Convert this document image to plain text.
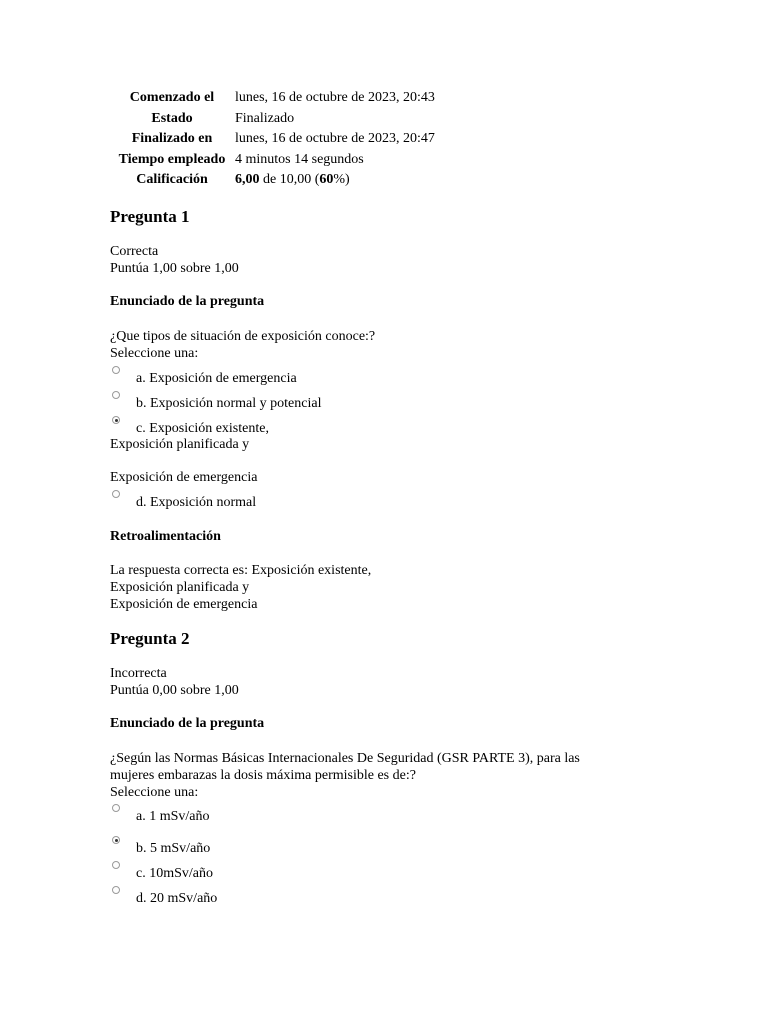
Comenzado el	lunes, 16 de octubre de 2023, 20:43
Estado	Finalizado
Finalizado en	lunes, 16 de octubre de 2023, 20:47
Tiempo empleado	4 minutos 14 segundos
Calificación	6,00 de 10,00 (60%)
Pregunta 1
Correcta
Puntúa 1,00 sobre 1,00
Enunciado de la pregunta
¿Que tipos de situación de exposición conoce:?
Seleccione una:
a. Exposición de emergencia
b. Exposición normal y potencial
c. Exposición existente,
Exposición planificada y
Exposición de emergencia
d. Exposición normal
Retroalimentación
La respuesta correcta es: Exposición existente,
Exposición planificada y
Exposición de emergencia
Pregunta 2
Incorrecta
Puntúa 0,00 sobre 1,00
Enunciado de la pregunta
¿Según las Normas Básicas Internacionales De Seguridad (GSR PARTE 3), para las
mujeres embarazas la dosis máxima permisible es de:?
Seleccione una:
a. 1 mSv/año
b. 5 mSv/año
c. 10mSv/año
d. 20 mSv/año
